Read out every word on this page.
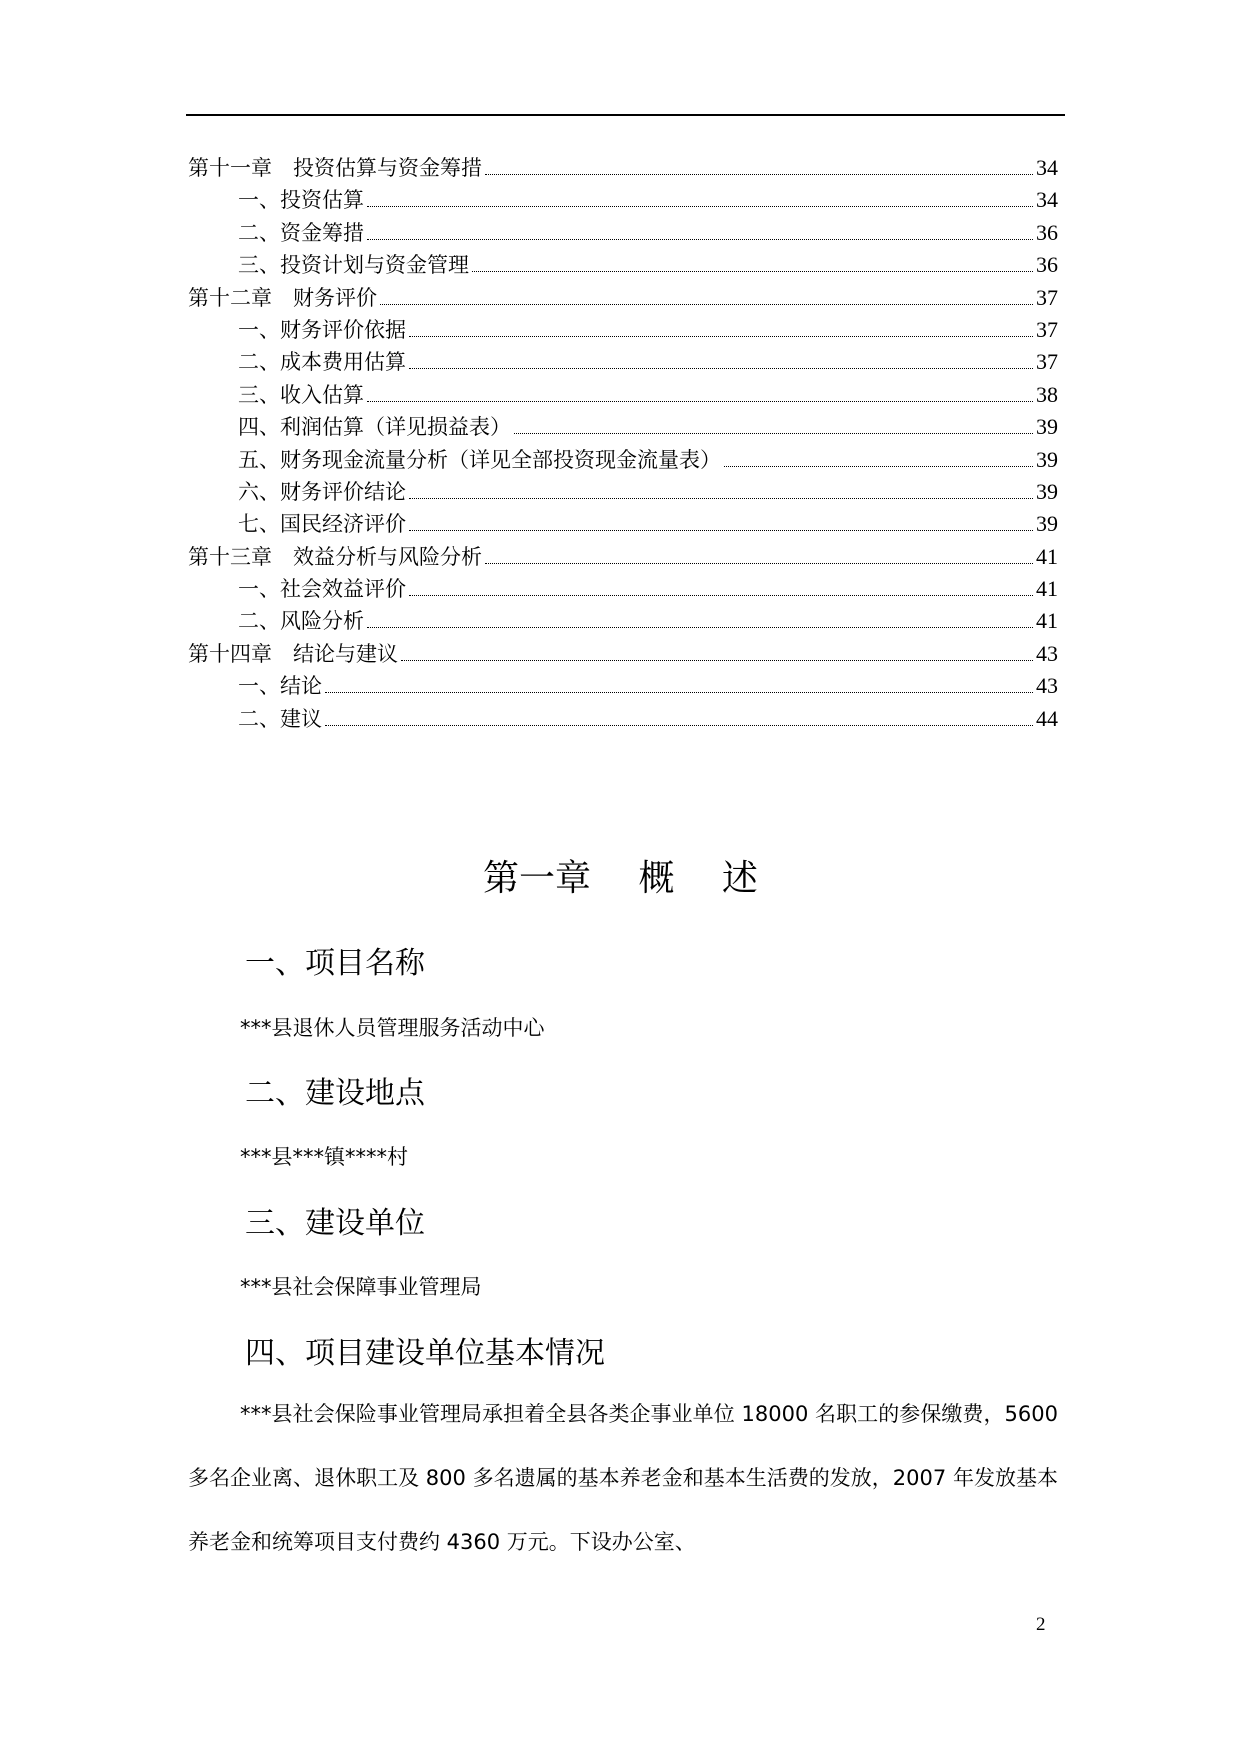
第十一章　投资估算与资金筹措	34
一、投资估算	34
二、资金筹措	36
三、投资计划与资金管理	36
第十二章　财务评价	37
一、财务评价依据	37
二、成本费用估算	37
三、收入估算	38
四、利润估算（详见损益表）	39
五、财务现金流量分析（详见全部投资现金流量表）	39
六、财务评价结论	39
七、国民经济评价	39
第十三章　效益分析与风险分析	41
一、社会效益评价	41
二、风险分析	41
第十四章　结论与建议	43
一、结论	43
二、建议	44
第一章　 概　 述
一、项目名称
***县退休人员管理服务活动中心
二、建设地点
***县***镇****村
三、建设单位
***县社会保障事业管理局
四、项目建设单位基本情况
***县社会保险事业管理局承担着全县各类企事业单位 18000 名职工的参保缴费，5600 多名企业离、退休职工及 800 多名遗属的基本养老金和基本生活费的发放，2007 年发放基本养老金和统筹项目支付费约 4360 万元。下设办公室、
2
